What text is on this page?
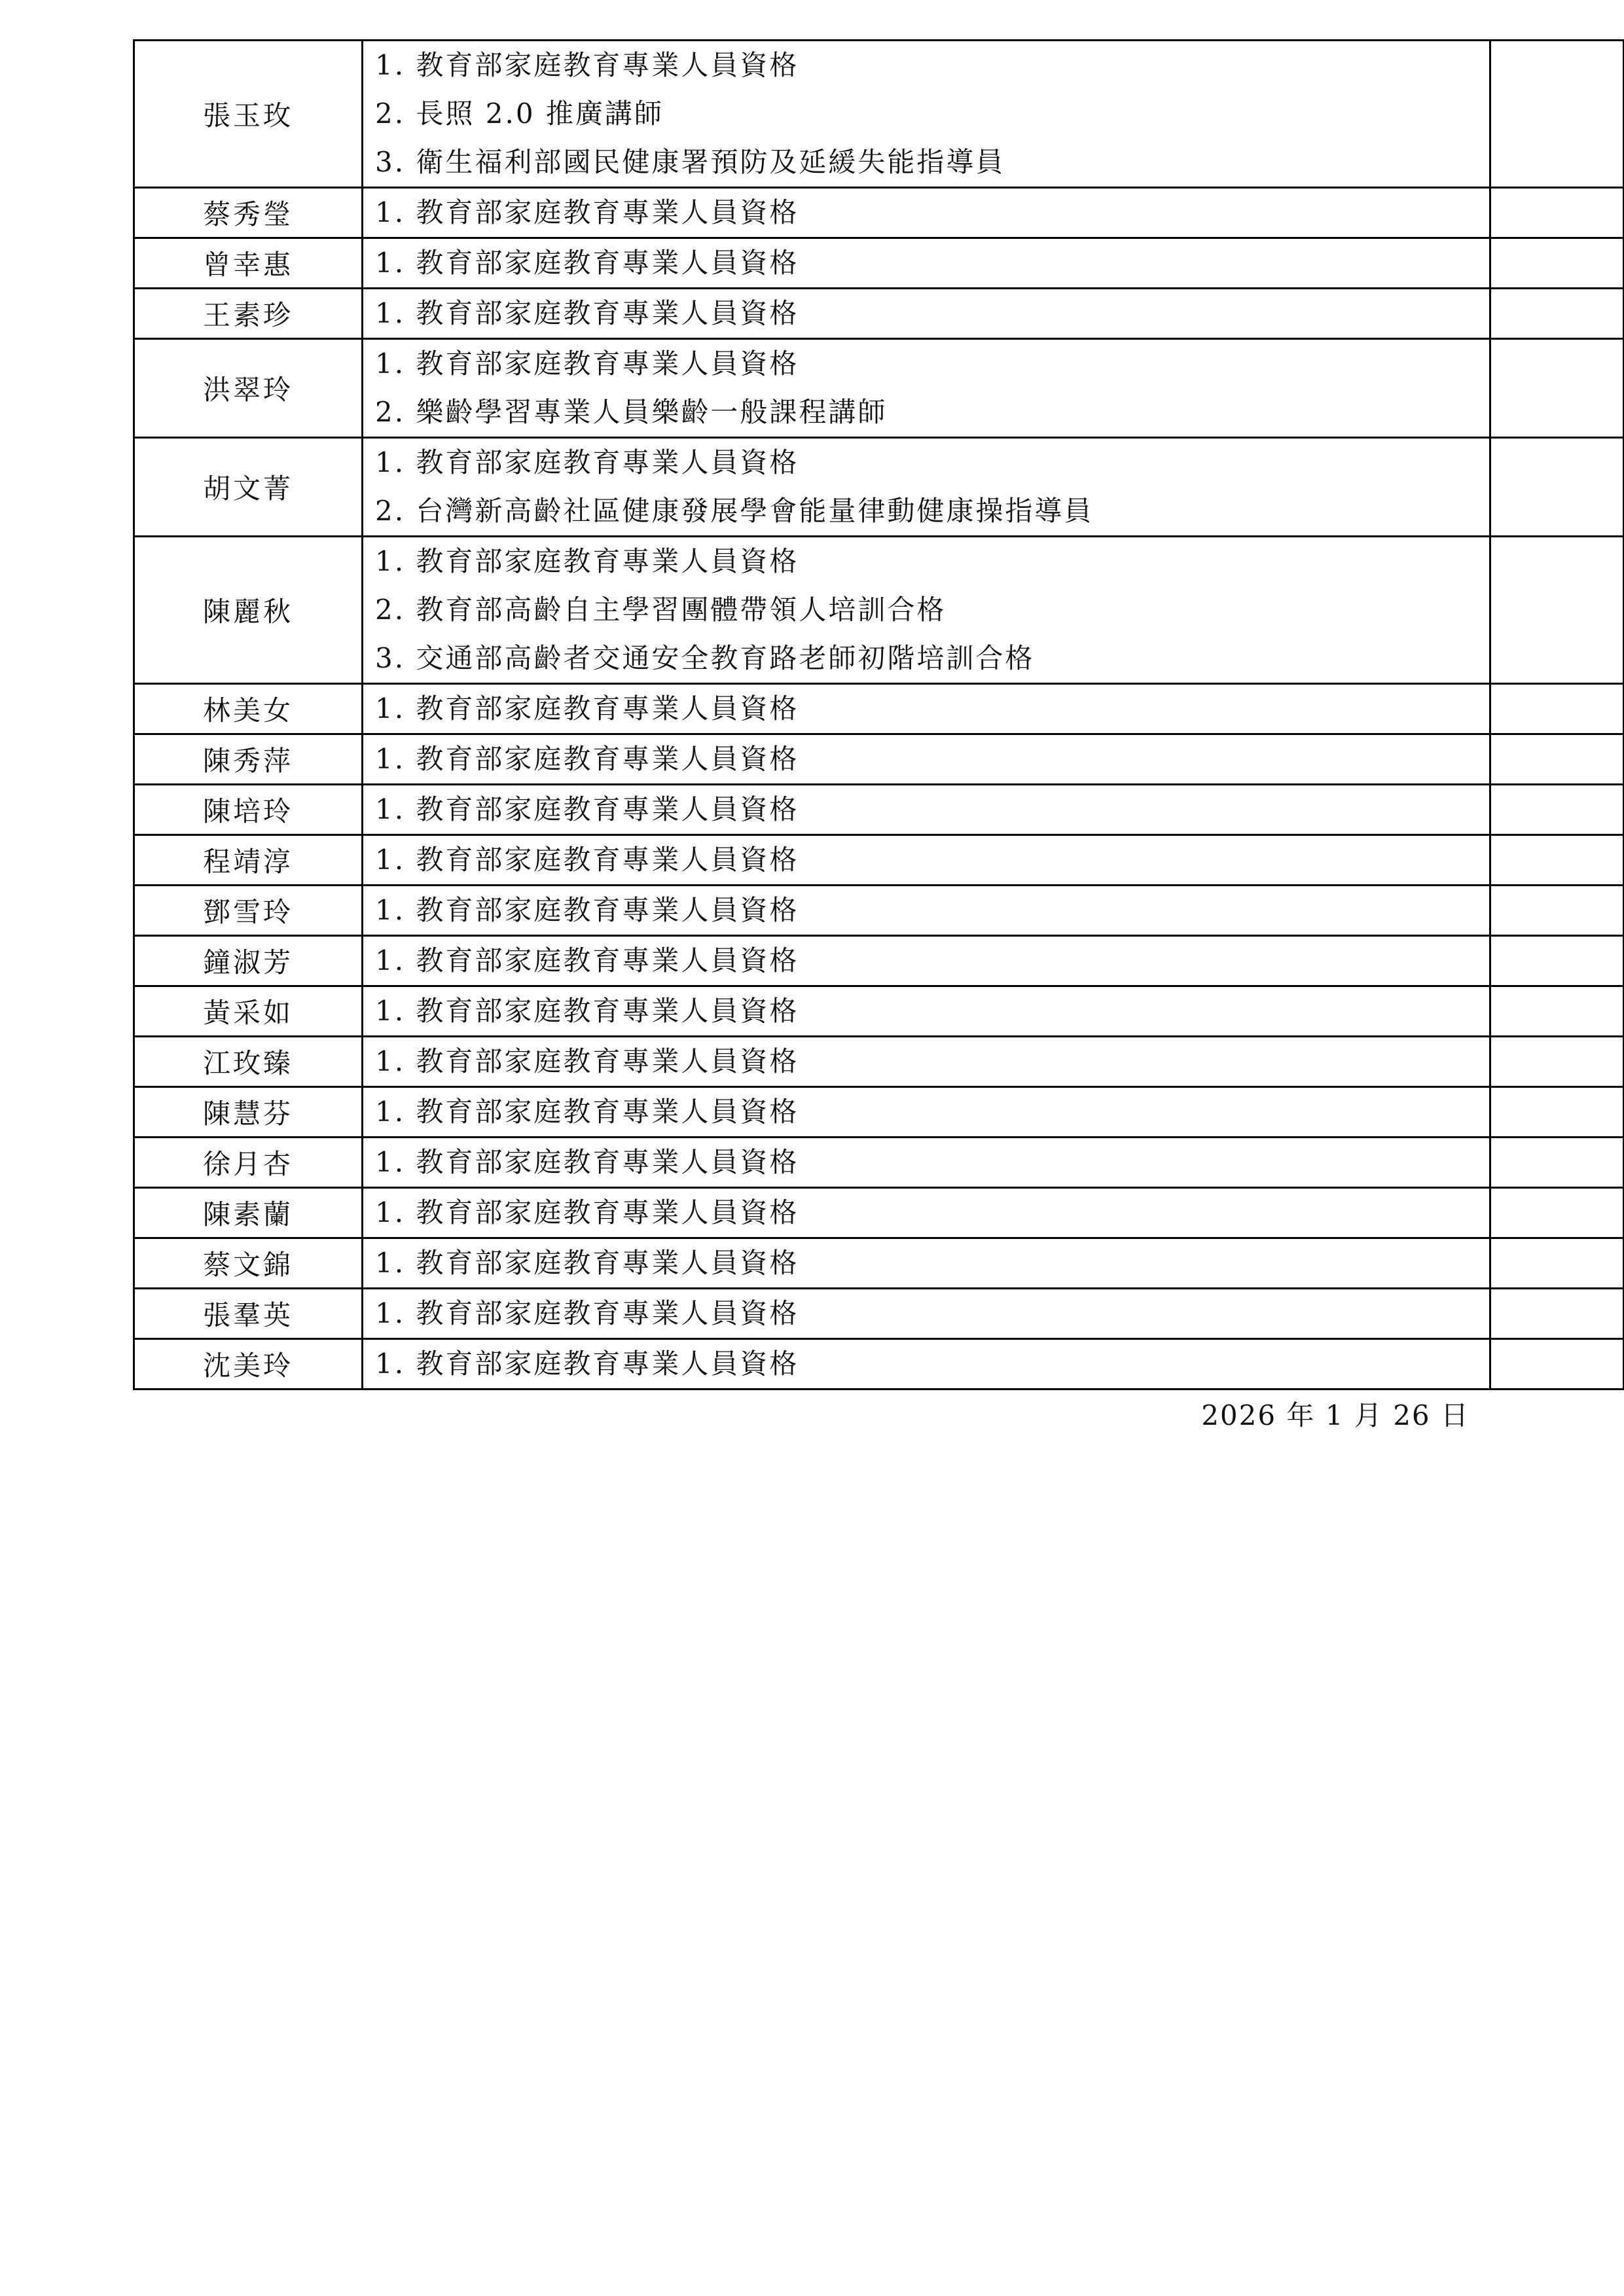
張玉玫	1. 教育部家庭教育專業人員資格
2. 長照 2.0 推廣講師
3. 衛生福利部國民健康署預防及延緩失能指導員	

蔡秀瑩	1. 教育部家庭教育專業人員資格	

曾幸惠	1. 教育部家庭教育專業人員資格	

王素珍	1. 教育部家庭教育專業人員資格	

洪翠玲	1. 教育部家庭教育專業人員資格
2. 樂齡學習專業人員樂齡一般課程講師	

胡文菁	1. 教育部家庭教育專業人員資格
2. 台灣新高齡社區健康發展學會能量律動健康操指導員	

陳麗秋	1. 教育部家庭教育專業人員資格
2. 教育部高齡自主學習團體帶領人培訓合格
3. 交通部高齡者交通安全教育路老師初階培訓合格	

林美女	1. 教育部家庭教育專業人員資格	

陳秀萍	1. 教育部家庭教育專業人員資格	

陳培玲	1. 教育部家庭教育專業人員資格	

程靖淳	1. 教育部家庭教育專業人員資格	

鄧雪玲	1. 教育部家庭教育專業人員資格	

鐘淑芳	1. 教育部家庭教育專業人員資格	

黃采如	1. 教育部家庭教育專業人員資格	

江玫臻	1. 教育部家庭教育專業人員資格	

陳慧芬	1. 教育部家庭教育專業人員資格	

徐月杏	1. 教育部家庭教育專業人員資格	

陳素蘭	1. 教育部家庭教育專業人員資格	

蔡文錦	1. 教育部家庭教育專業人員資格	

張羣英	1. 教育部家庭教育專業人員資格	

沈美玲	1. 教育部家庭教育專業人員資格	

2026 年 1 月 26 日
